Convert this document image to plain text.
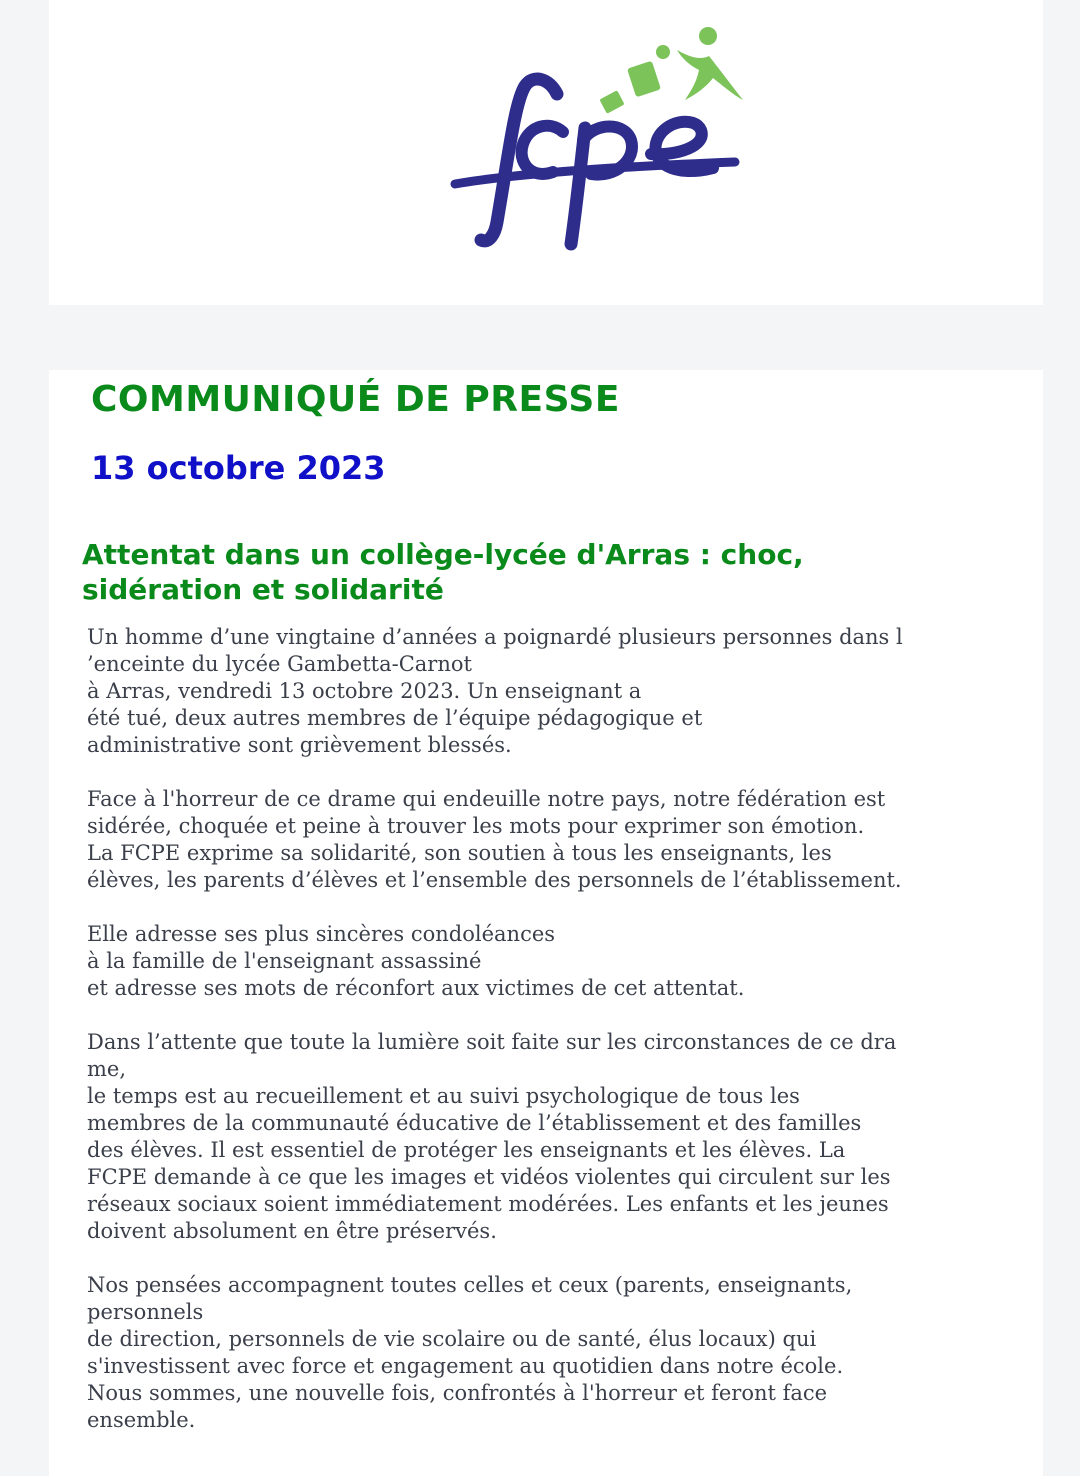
COMMUNIQUÉ DE PRESSE
13 octobre 2023
Attentat dans un collège-lycée d'Arras : choc,
sidération et solidarité

Un homme d’une vingtaine d’années a poignardé plusieurs personnes dans l
’enceinte du lycée Gambetta-Carnot
à Arras, vendredi 13 octobre 2023. Un enseignant a
été tué, deux autres membres de l’équipe pédagogique et
administrative sont grièvement blessés.

Face à l'horreur de ce drame qui endeuille notre pays, notre fédération est
sidérée, choquée et peine à trouver les mots pour exprimer son émotion.
La FCPE exprime sa solidarité, son soutien à tous les enseignants, les
élèves, les parents d’élèves et l’ensemble des personnels de l’établissement.

Elle adresse ses plus sincères condoléances
à la famille de l'enseignant assassiné
et adresse ses mots de réconfort aux victimes de cet attentat.

Dans l’attente que toute la lumière soit faite sur les circonstances de ce dra
me,
le temps est au recueillement et au suivi psychologique de tous les
membres de la communauté éducative de l’établissement et des familles
des élèves. Il est essentiel de protéger les enseignants et les élèves. La
FCPE demande à ce que les images et vidéos violentes qui circulent sur les
réseaux sociaux soient immédiatement modérées. Les enfants et les jeunes
doivent absolument en être préservés.

Nos pensées accompagnent toutes celles et ceux (parents, enseignants,
personnels
de direction, personnels de vie scolaire ou de santé, élus locaux) qui
s'investissent avec force et engagement au quotidien dans notre école.
Nous sommes, une nouvelle fois, confrontés à l'horreur et feront face
ensemble.
